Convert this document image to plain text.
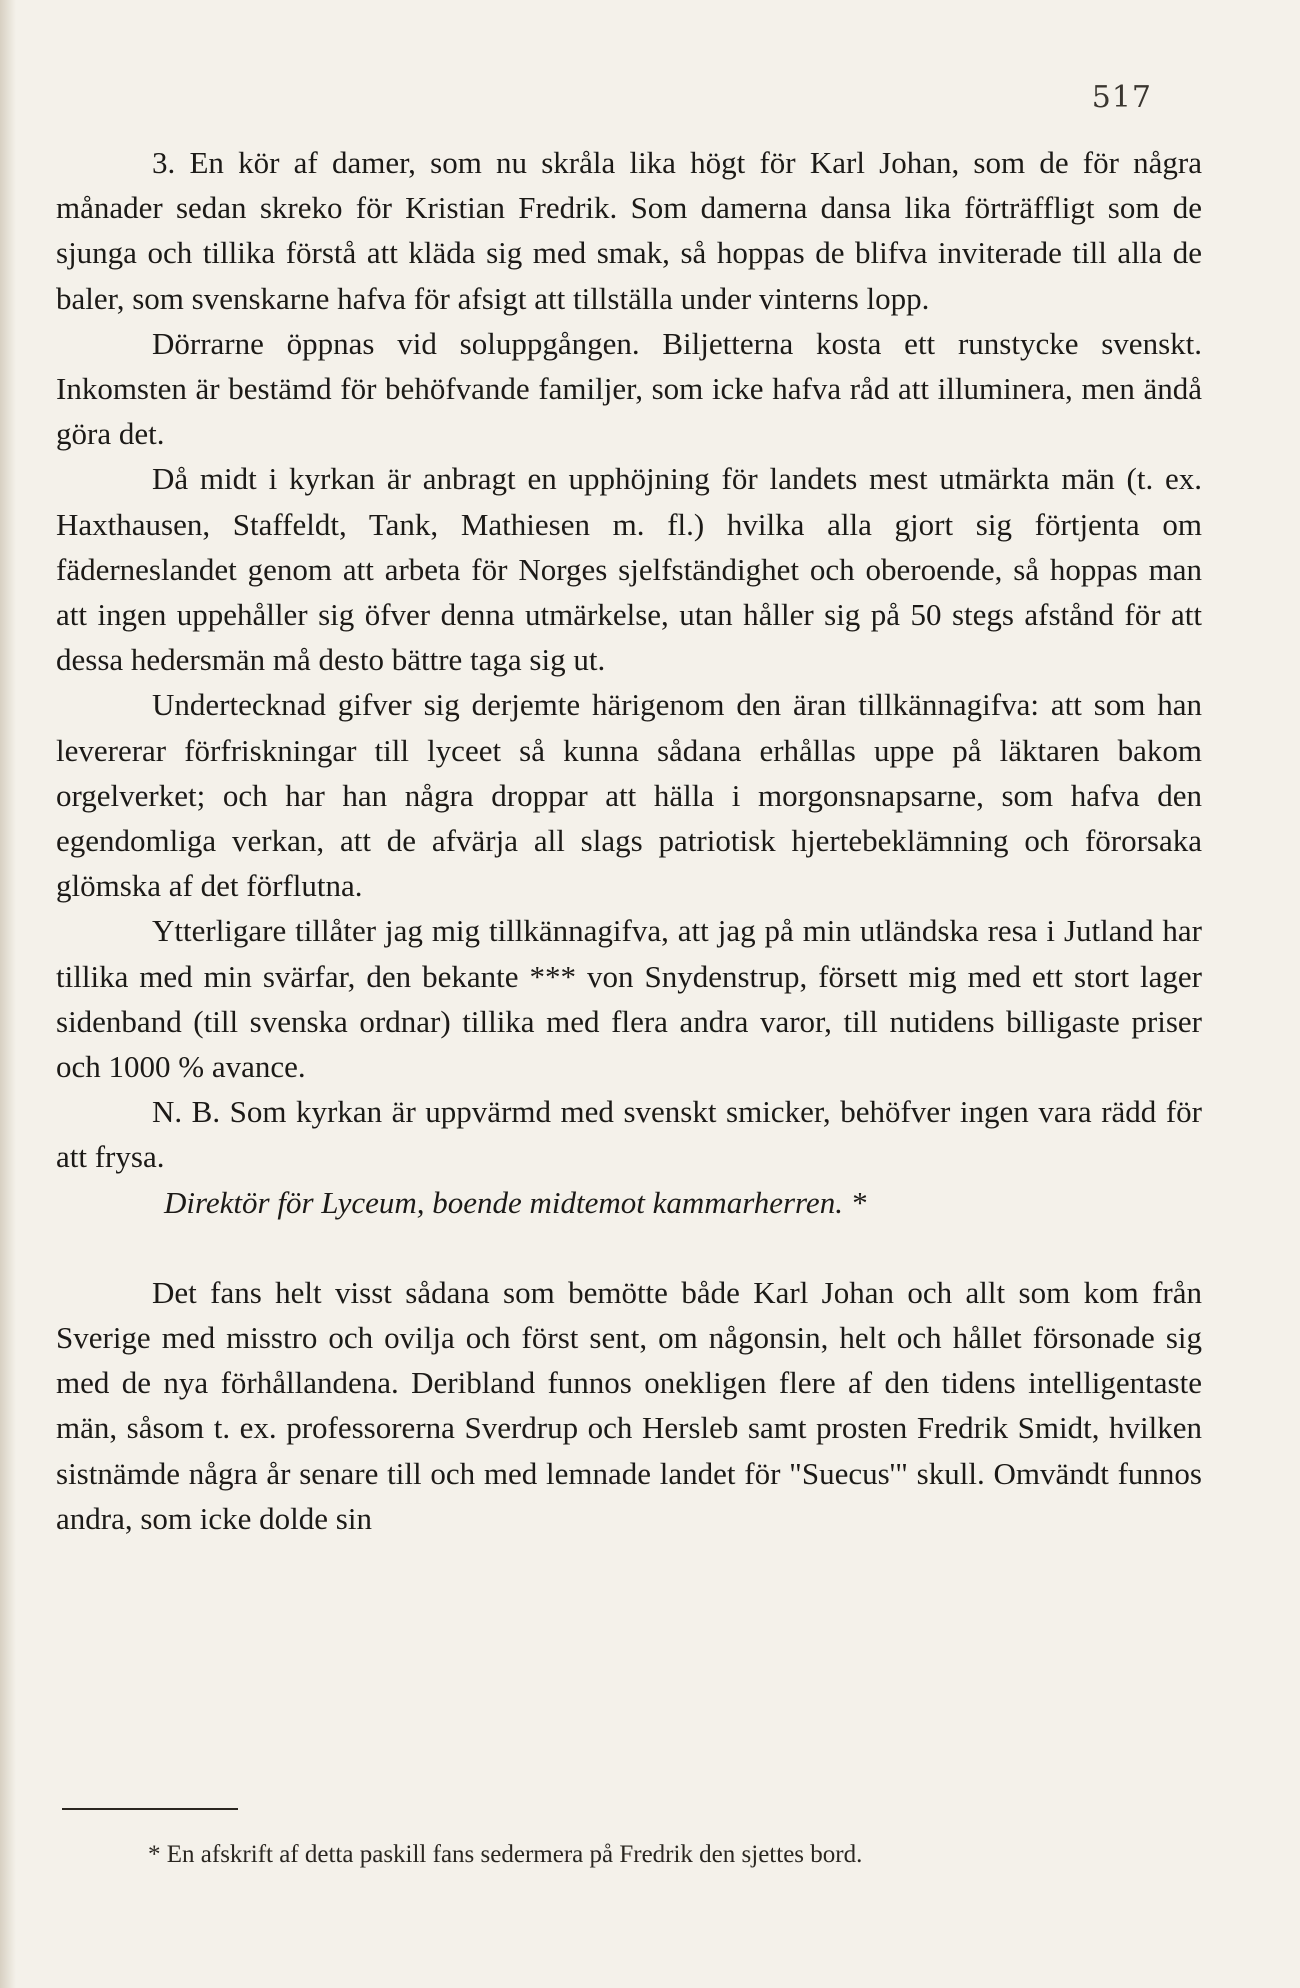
517

3. En kör af damer, som nu skråla lika högt för Karl Johan, som de för några månader sedan skreko för Kristian Fredrik. Som damerna dansa lika förträffligt som de sjunga och tillika förstå att kläda sig med smak, så hoppas de blifva inviterade till alla de baler, som svenskarne hafva för afsigt att tillställa under vinterns lopp.

Dörrarne öppnas vid soluppgången. Biljetterna kosta ett runstycke svenskt. Inkomsten är bestämd för behöfvande familjer, som icke hafva råd att illuminera, men ändå göra det.

Då midt i kyrkan är anbragt en upphöjning för landets mest utmärkta män (t. ex. Haxthausen, Staffeldt, Tank, Mathiesen m. fl.) hvilka alla gjort sig förtjenta om fäderneslandet genom att arbeta för Norges sjelfständighet och oberoende, så hoppas man att ingen uppehåller sig öfver denna utmärkelse, utan håller sig på 50 stegs afstånd för att dessa hedersmän må desto bättre taga sig ut.

Undertecknad gifver sig derjemte härigenom den äran tillkännagifva: att som han levererar förfriskningar till lyceet så kunna sådana erhållas uppe på läktaren bakom orgelverket; och har han några droppar att hälla i morgonsnapsarne, som hafva den egendomliga verkan, att de afvärja all slags patriotisk hjertebeklämning och förorsaka glömska af det förflutna.

Ytterligare tillåter jag mig tillkännagifva, att jag på min utländska resa i Jutland har tillika med min svärfar, den bekante *** von Snydenstrup, försett mig med ett stort lager sidenband (till svenska ordnar) tillika med flera andra varor, till nutidens billigaste priser och 1000 % avance.

N. B. Som kyrkan är uppvärmd med svenskt smicker, behöfver ingen vara rädd för att frysa.

Direktör för Lyceum, boende midtemot kammarherren. *

Det fans helt visst sådana som bemötte både Karl Johan och allt som kom från Sverige med misstro och ovilja och först sent, om någonsin, helt och hållet försonade sig med de nya förhållandena. Deribland funnos onekligen flere af den tidens intelligentaste män, såsom t. ex. professorerna Sverdrup och Hersleb samt prosten Fredrik Smidt, hvilken sistnämde några år senare till och med lemnade landet för "Suecus'" skull. Omvändt funnos andra, som icke dolde sin

* En afskrift af detta paskill fans sedermera på Fredrik den sjettes bord.
